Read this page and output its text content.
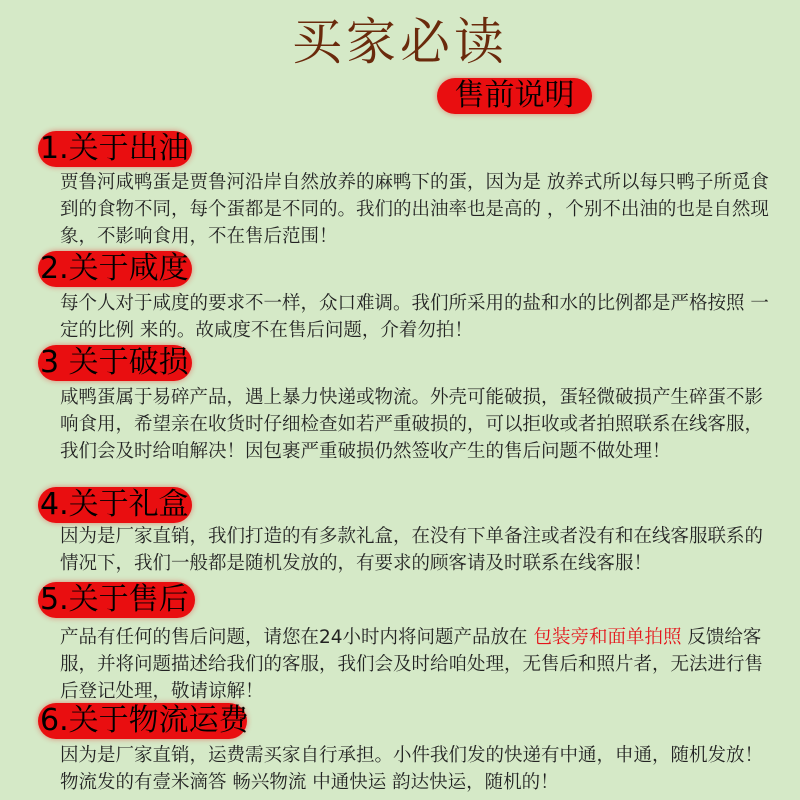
买家必读
售前说明
1.关于出油
贾鲁河咸鸭蛋是贾鲁河沿岸自然放养的麻鸭下的蛋，因为是 放养式所以每只鸭子所觅食到的食物不同，每个蛋都是不同的。我们的出油率也是高的 ，个别不出油的也是自然现象，不影响食用，不在售后范围！
2.关于咸度
每个人对于咸度的要求不一样，众口难调。我们所采用的盐和水的比例都是严格按照 一定的比例 来的。故咸度不在售后问题，介着勿拍！
3 关于破损
咸鸭蛋属于易碎产品，遇上暴力快递或物流。外壳可能破损，蛋轻微破损产生碎蛋不影响食用，希望亲在收货时仔细检查如若严重破损的，可以拒收或者拍照联系在线客服，我们会及时给咱解决！因包裹严重破损仍然签收产生的售后问题不做处理！
4.关于礼盒
因为是厂家直销，我们打造的有多款礼盒，在没有下单备注或者没有和在线客服联系的情况下，我们一般都是随机发放的，有要求的顾客请及时联系在线客服！
5.关于售后
产品有任何的售后问题，请您在24小时内将问题产品放在 包装旁和面单拍照 反馈给客服，并将问题描述给我们的客服，我们会及时给咱处理，无售后和照片者，无法进行售后登记处理，敬请谅解！
6.关于物流运费
因为是厂家直销，运费需买家自行承担。小件我们发的快递有中通，申通，随机发放！物流发的有壹米滴答 畅兴物流 中通快运 韵达快运，随机的！
